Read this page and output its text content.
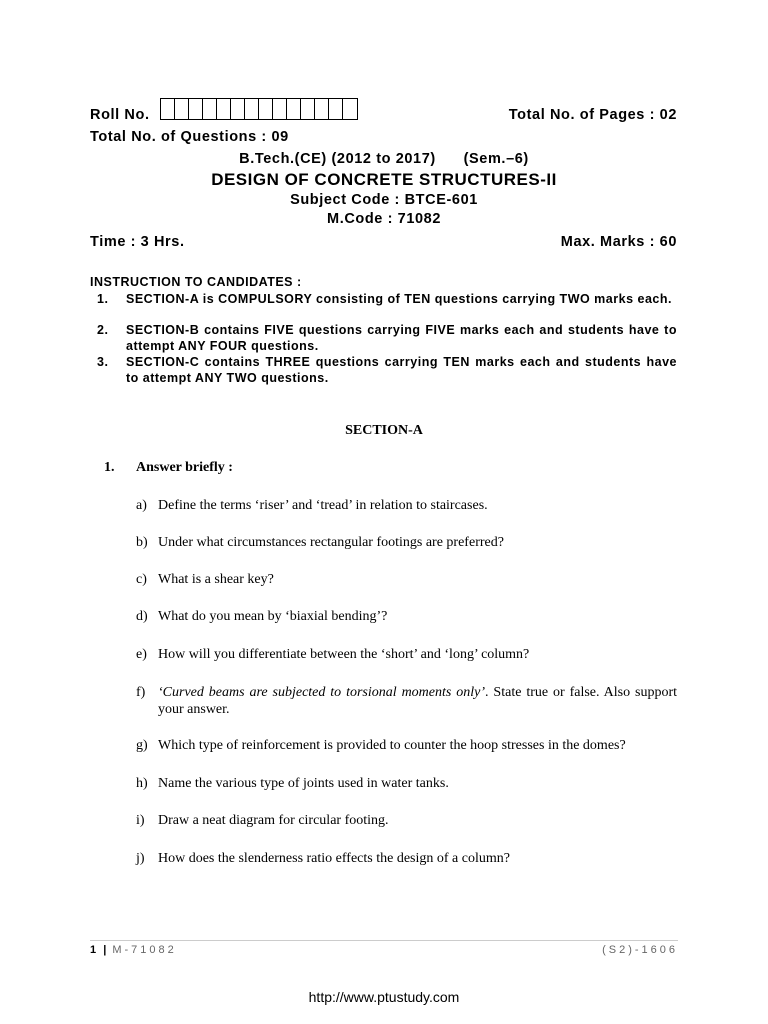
Roll No.	Total No. of Pages : 02
Total No. of Questions : 09
B.Tech.(CE) (2012 to 2017) (Sem.–6)
DESIGN OF CONCRETE STRUCTURES-II
Subject Code : BTCE-601
M.Code : 71082
Time : 3 Hrs.	Max. Marks : 60
INSTRUCTION TO CANDIDATES :
1. SECTION-A is COMPULSORY consisting of TEN questions carrying TWO marks each.
2. SECTION-B contains FIVE questions carrying FIVE marks each and students have to attempt ANY FOUR questions.
3. SECTION-C contains THREE questions carrying TEN marks each and students have to attempt ANY TWO questions.
SECTION-A
1. Answer briefly :
a) Define the terms ‘riser’ and ‘tread’ in relation to staircases.
b) Under what circumstances rectangular footings are preferred?
c) What is a shear key?
d) What do you mean by ‘biaxial bending’?
e) How will you differentiate between the ‘short’ and ‘long’ column?
f) ‘Curved beams are subjected to torsional moments only’. State true or false. Also support your answer.
g) Which type of reinforcement is provided to counter the hoop stresses in the domes?
h) Name the various type of joints used in water tanks.
i) Draw a neat diagram for circular footing.
j) How does the slenderness ratio effects the design of a column?
1 | M-71082	(S2)-1606
http://www.ptustudy.com
